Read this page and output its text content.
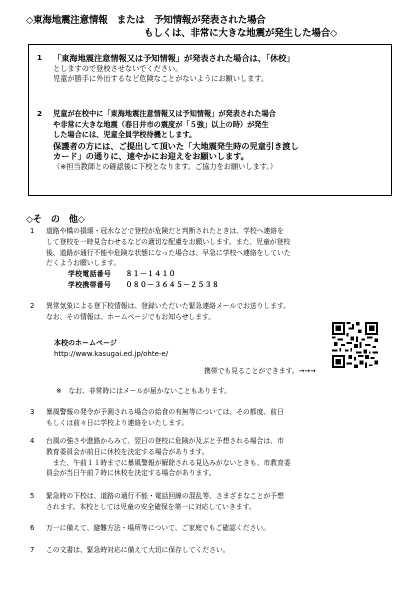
◇東海地震注意情報　または　予知情報が発表された場合
もしくは、非常に大きな地震が発生した場合◇
1 「東海地震注意情報又は予知情報」が発表された場合は、「休校」
としますので登校させないでください。
児童が勝手に外出するなど危険なことがないようにお願いします。
2 児童が在校中に「東海地震注意情報又は予知情報」が発表された場合
や非常に大きな地震（春日井市の震度が「５強」以上の時）が発生
した場合には、児童全員学校待機とします。
保護者の方には、ご提出して頂いた「大地震発生時の児童引き渡し
カード」の通りに、速やかにお迎えをお願いします。
（※担当教師との確認後に下校となります。ご協力をお願いします。）
◇そ　の　他◇
1 道路や橋の損壊・冠水などで登校が危険だと判断されたときは、学校へ連絡を
して登校を一時見合わせるなどの適切な配慮をお願いします。また、児童が登校
後、道路が通行不能や危険な状態になった場合は、早急に学校へ連絡をしていた
だくようお願いします。
学校電話番号　　 ８１－１４１０
学校携帯番号　　 ０８０－３６４５－２５３８
2 異常気象による登下校情報は、登録いただいた緊急連絡メールでお送りします。
なお、その情報は、ホームページでもお知らせします。
本校のホームページ
http://www.kasugai.ed.jp/ohte-e/
携帯でも見ることができます。→→→
※　なお、非常時にはメールが届かないこともあります。
3 暴風警報の発令が予測される場合の給食の有無等については、その都度、前日
もしくは前々日に学校より連絡をいたします。
4 台風の強さや進路からみて、翌日の登校に危険が及ぶと予想される場合は、市
教育委員会が前日に休校を決定する場合があります。
　また、午前１１時までに暴風警報が解除される見込みがないときも、市教育委
員会が当日午前７時に休校を決定する場合があります。
5 緊急時の下校は、道路の通行不能・電話回線の混乱等、さまざまなことが予想
されます。本校としては児童の安全確保を第一に対応していきます。
6 万一に備えて、避難方法・場所等について、ご家庭でもご確認ください。
7 この文書は、緊急時対応に備えて大切に保存してください。
